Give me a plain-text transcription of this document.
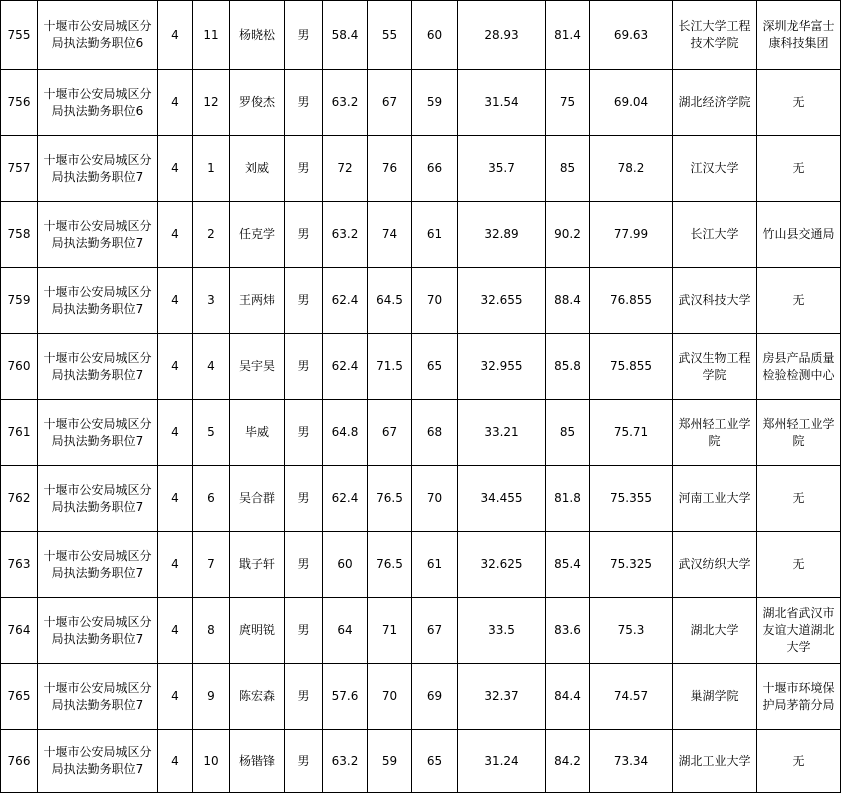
755	十堰市公安局城区分局执法勤务职位6	4	11	杨晓松	男	58.4	55	60	28.93	81.4	69.63	长江大学工程技术学院	深圳龙华富士康科技集团
756	十堰市公安局城区分局执法勤务职位6	4	12	罗俊杰	男	63.2	67	59	31.54	75	69.04	湖北经济学院	无
757	十堰市公安局城区分局执法勤务职位7	4	1	刘威	男	72	76	66	35.7	85	78.2	江汉大学	无
758	十堰市公安局城区分局执法勤务职位7	4	2	任克学	男	63.2	74	61	32.89	90.2	77.99	长江大学	竹山县交通局
759	十堰市公安局城区分局执法勤务职位7	4	3	王两炜	男	62.4	64.5	70	32.655	88.4	76.855	武汉科技大学	无
760	十堰市公安局城区分局执法勤务职位7	4	4	吴宇昊	男	62.4	71.5	65	32.955	85.8	75.855	武汉生物工程学院	房县产品质量检验检测中心
761	十堰市公安局城区分局执法勤务职位7	4	5	毕威	男	64.8	67	68	33.21	85	75.71	郑州轻工业学院	郑州轻工业学院
762	十堰市公安局城区分局执法勤务职位7	4	6	吴合群	男	62.4	76.5	70	34.455	81.8	75.355	河南工业大学	无
763	十堰市公安局城区分局执法勤务职位7	4	7	戢子轩	男	60	76.5	61	32.625	85.4	75.325	武汉纺织大学	无
764	十堰市公安局城区分局执法勤务职位7	4	8	庹明锐	男	64	71	67	33.5	83.6	75.3	湖北大学	湖北省武汉市友谊大道湖北大学
765	十堰市公安局城区分局执法勤务职位7	4	9	陈宏森	男	57.6	70	69	32.37	84.4	74.57	巢湖学院	十堰市环境保护局茅箭分局
766	十堰市公安局城区分局执法勤务职位7	4	10	杨锴锋	男	63.2	59	65	31.24	84.2	73.34	湖北工业大学	无
